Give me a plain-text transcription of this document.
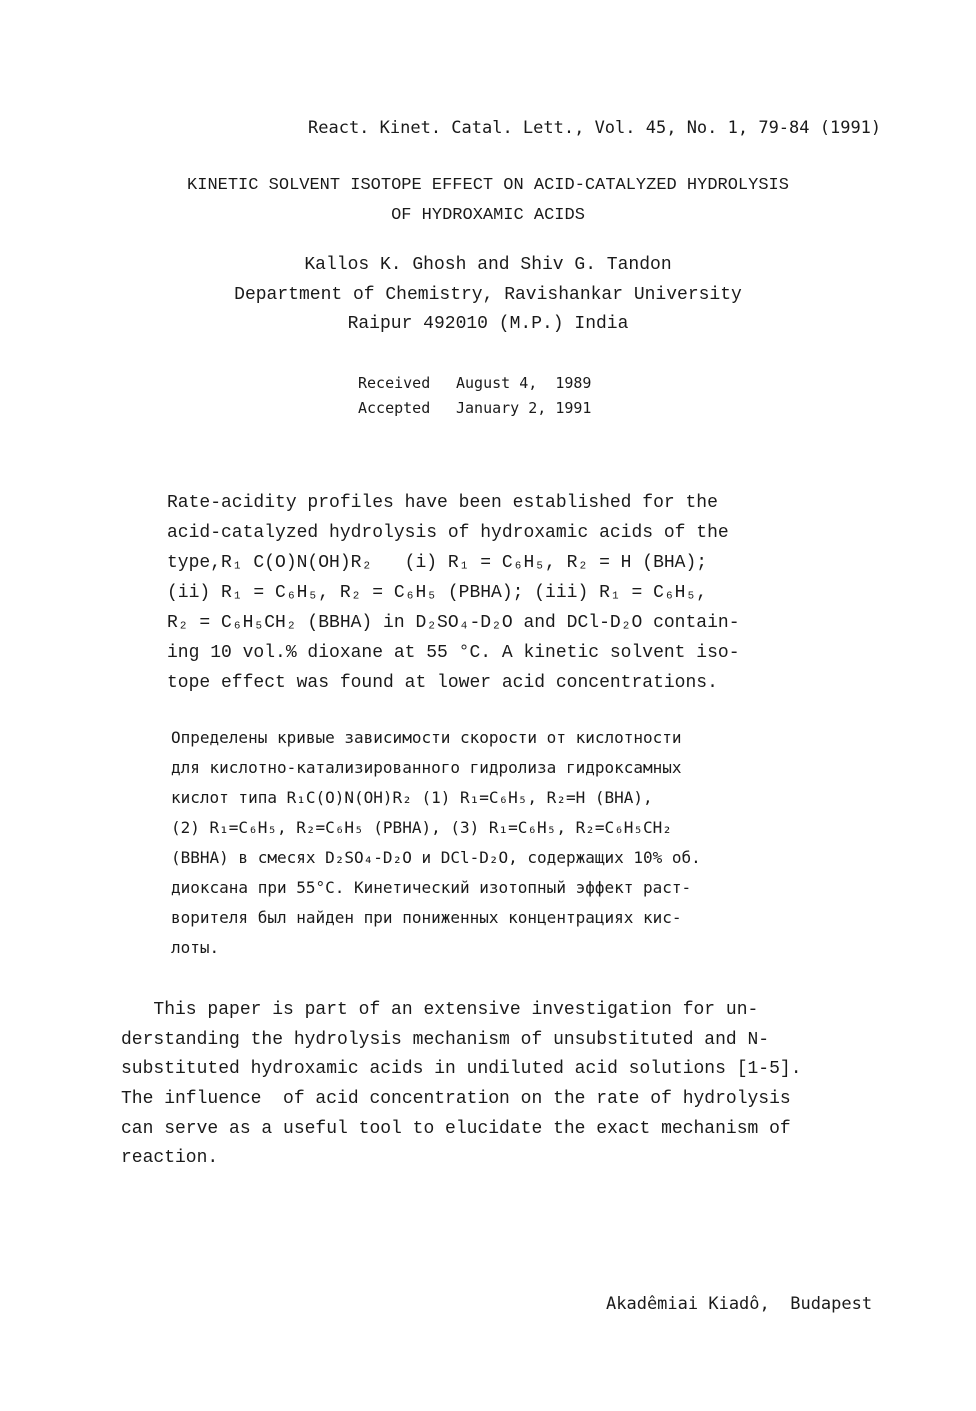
React. Kinet. Catal. Lett., Vol. 45, No. 1, 79-84 (1991)
KINETIC SOLVENT ISOTOPE EFFECT ON ACID-CATALYZED HYDROLYSIS
OF HYDROXAMIC ACIDS
Kallos K. Ghosh and Shiv G. Tandon
Department of Chemistry, Ravishankar University
Raipur 492010 (M.P.) India
Received August 4,  1989
Accepted January 2, 1991
Rate-acidity profiles have been established for the
acid-catalyzed hydrolysis of hydroxamic acids of the
type,R₁ C(O)N(OH)R₂   (i) R₁ = C₆H₅, R₂ = H (BHA);
(ii) R₁ = C₆H₅, R₂ = C₆H₅ (PBHA); (iii) R₁ = C₆H₅,
R₂ = C₆H₅CH₂ (BBHA) in D₂SO₄-D₂O and DCl-D₂O contain-
ing 10 vol.% dioxane at 55 °C. A kinetic solvent iso-
tope effect was found at lower acid concentrations.
Определены кривые зависимости скорости от кислотности
для кислотно-катализированного гидролиза гидроксамных
кислот типа R₁C(O)N(OH)R₂ (1) R₁=C₆H₅, R₂=H (BHA),
(2) R₁=C₆H₅, R₂=C₆H₅ (PBHA), (3) R₁=C₆H₅, R₂=C₆H₅CH₂
(BBHA) в смесях D₂SO₄-D₂O и DCl-D₂O, содержащих 10% об.
диоксана при 55°C. Кинетический изотопный эффект раст-
ворителя был найден при пониженных концентрациях кис-
лоты.
This paper is part of an extensive investigation for un-
derstanding the hydrolysis mechanism of unsubstituted and N-
substituted hydroxamic acids in undiluted acid solutions [1-5].
The influence  of acid concentration on the rate of hydrolysis
can serve as a useful tool to elucidate the exact mechanism of
reaction.
Akadêmiai Kiadô,  Budapest
